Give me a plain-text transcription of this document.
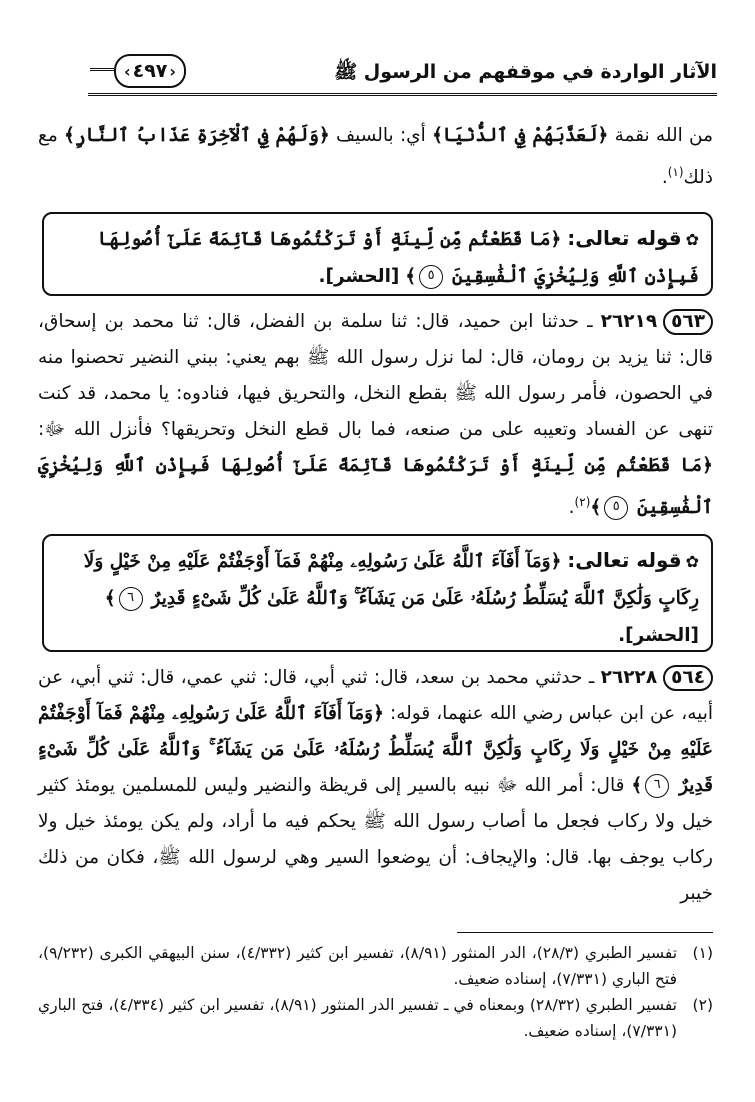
الآثار الواردة في موقفهم من الرسول ﷺ
‹ ٤٩٧ ›
من الله نقمة ﴿لَعَذَّبَهُمْ فِي ٱلدُّنْيَا﴾ أي: بالسيف ﴿وَلَهُمْ فِي ٱلْآخِرَةِ عَذَابُ ٱلنَّارِ﴾ مع ذلك$^{(١)}$.
✿قوله تعالى: ﴿مَا قَطَعْتُم مِّن لِّينَةٍ أَوْ تَرَكْتُمُوهَا قَآئِمَةً عَلَىٰٓ أُصُولِهَا فَبِإِذْنِ ٱللَّهِ وَلِيُخْزِيَ ٱلْفَٰسِقِينَ ٥﴾ [الحشر].
٥٦٣٢٦٢١٩ ـ حدثنا ابن حميد، قال: ثنا سلمة بن الفضل، قال: ثنا محمد بن إسحاق، قال: ثنا يزيد بن رومان، قال: لما نزل رسول الله ﷺ بهم يعني: ببني النضير تحصنوا منه في الحصون، فأمر رسول الله ﷺ بقطع النخل، والتحريق فيها، فنادوه: يا محمد، قد كنت تنهى عن الفساد وتعيبه على من صنعه، فما بال قطع النخل وتحريقها؟ فأنزل الله ﷻ: ﴿مَا قَطَعْتُم مِّن لِّينَةٍ أَوْ تَرَكْتُمُوهَا قَآئِمَةً عَلَىٰٓ أُصُولِهَا فَبِإِذْنِ ٱللَّهِ وَلِيُخْزِيَ ٱلْفَٰسِقِينَ ٥﴾$^{(٢)}$.
✿قوله تعالى: ﴿وَمَآ أَفَآءَ ٱللَّهُ عَلَىٰ رَسُولِهِۦ مِنْهُمْ فَمَآ أَوْجَفْتُمْ عَلَيْهِ مِنْ خَيْلٍ وَلَا رِكَابٍ وَلَٰكِنَّ ٱللَّهَ يُسَلِّطُ رُسُلَهُۥ عَلَىٰ مَن يَشَآءُ ۚ وَٱللَّهُ عَلَىٰ كُلِّ شَىْءٍ قَدِيرٌ ٦﴾ [الحشر].
٥٦٤٢٦٢٢٨ ـ حدثني محمد بن سعد، قال: ثني أبي، قال: ثني عمي، قال: ثني أبي، عن أبيه، عن ابن عباس رضي الله عنهما، قوله: ﴿وَمَآ أَفَآءَ ٱللَّهُ عَلَىٰ رَسُولِهِۦ مِنْهُمْ فَمَآ أَوْجَفْتُمْ عَلَيْهِ مِنْ خَيْلٍ وَلَا رِكَابٍ وَلَٰكِنَّ ٱللَّهَ يُسَلِّطُ رُسُلَهُۥ عَلَىٰ مَن يَشَآءُ ۚ وَٱللَّهُ عَلَىٰ كُلِّ شَىْءٍ قَدِيرٌ ٦﴾ قال: أمر الله ﷻ نبيه بالسير إلى قريظة والنضير وليس للمسلمين يومئذ كثير خيل ولا ركاب فجعل ما أصاب رسول الله ﷺ يحكم فيه ما أراد، ولم يكن يومئذ خيل ولا ركاب يوجف بها. قال: والإيجاف: أن يوضعوا السير وهي لرسول الله ﷺ، فكان من ذلك خيبر
(١)
تفسير الطبري (٢٨/٣)، الدر المنثور (٨/٩١)، تفسير ابن كثير (٤/٣٣٢)، سنن البيهقي الكبرى (٩/٢٣٢)، فتح الباري (٧/٣٣١)، إسناده ضعيف.
(٢)
تفسير الطبري (٢٨/٣٢) وبمعناه في ـ تفسير الدر المنثور (٨/٩١)، تفسير ابن كثير (٤/٣٣٤)، فتح الباري (٧/٣٣١)، إسناده ضعيف.
